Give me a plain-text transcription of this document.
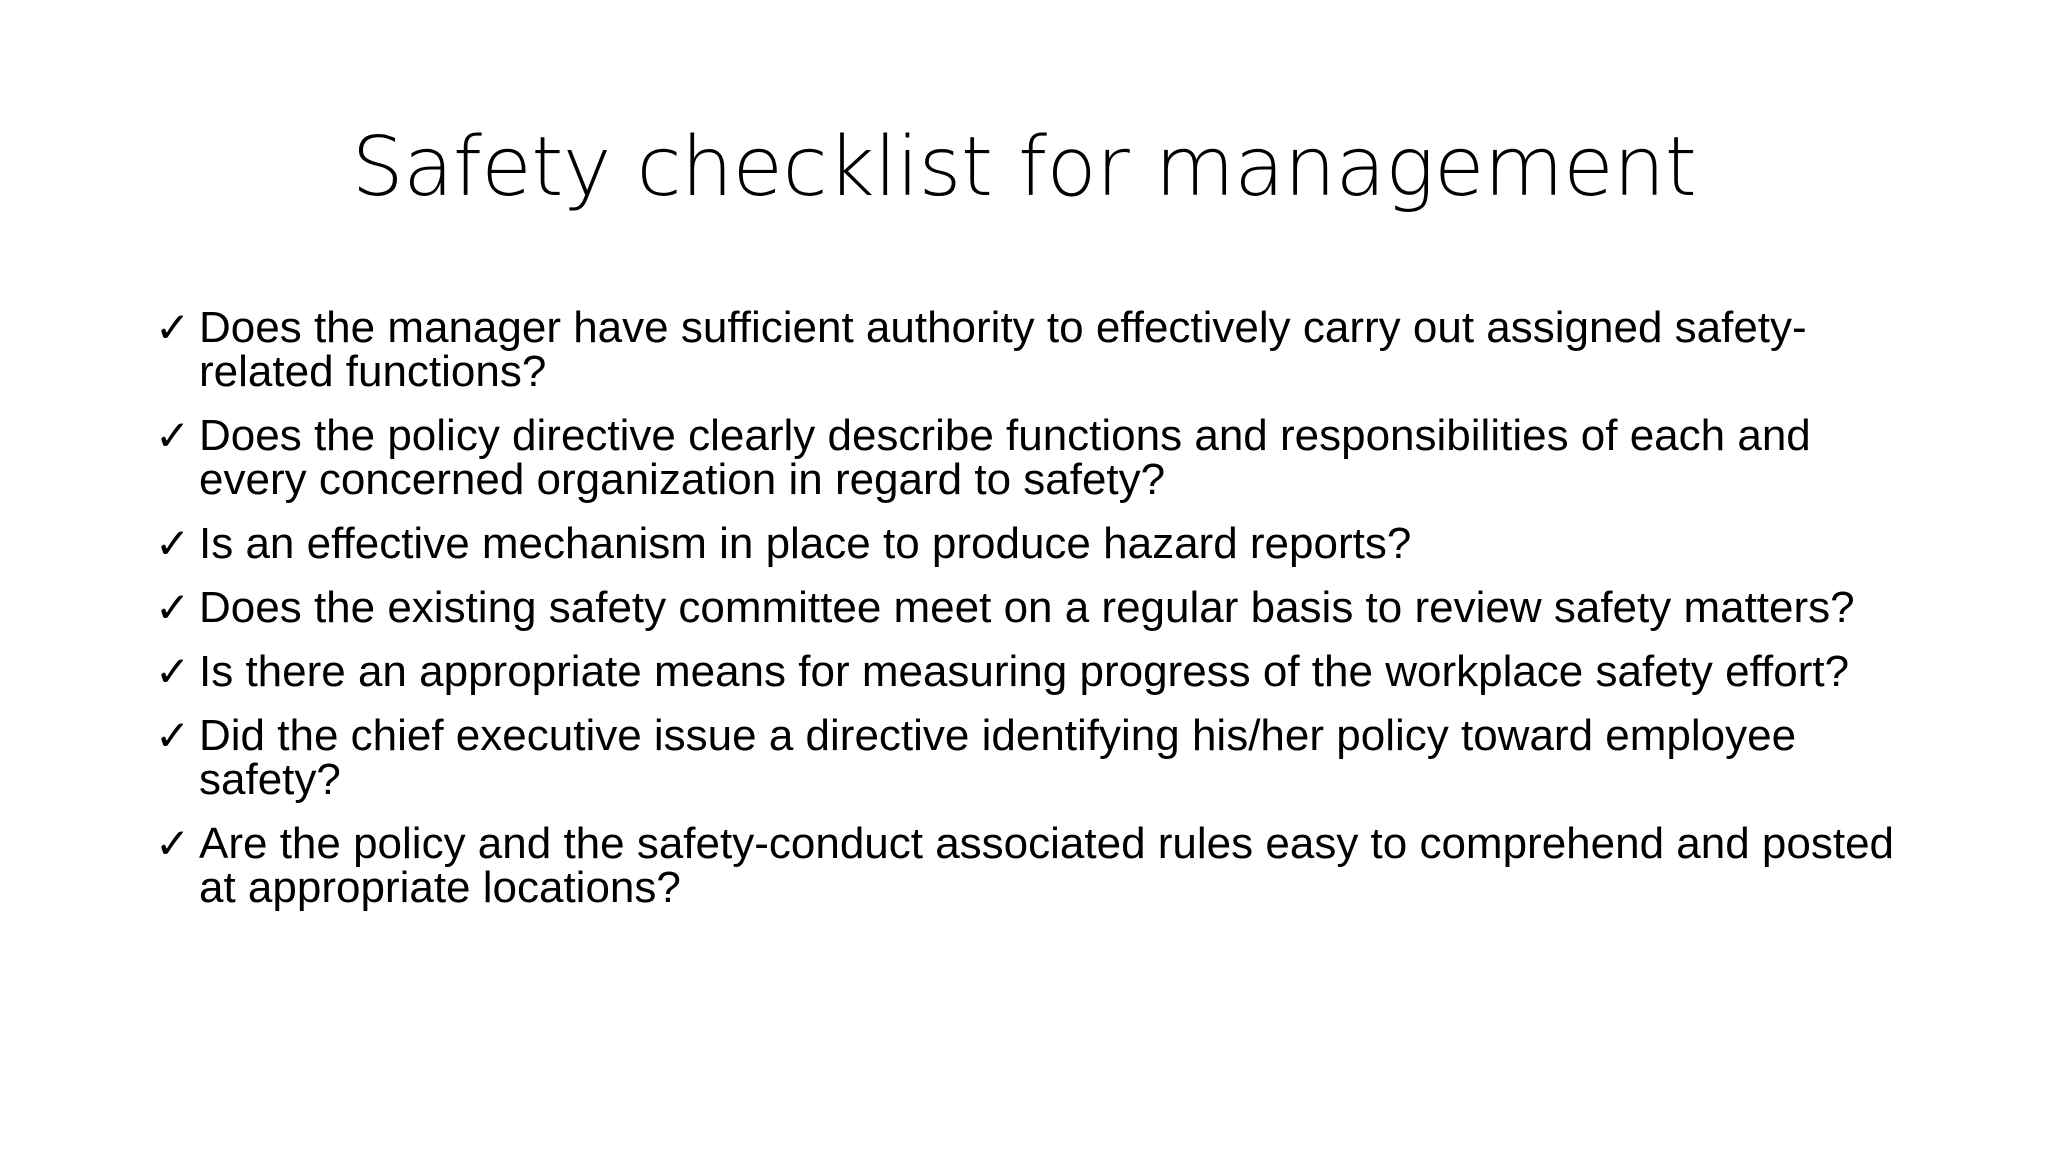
Safety checklist for management
✓ Does the manager have sufficient authority to effectively carry out assigned safety-related functions?
✓ Does the policy directive clearly describe functions and responsibilities of each and every concerned organization in regard to safety?
✓ Is an effective mechanism in place to produce hazard reports?
✓ Does the existing safety committee meet on a regular basis to review safety matters?
✓ Is there an appropriate means for measuring progress of the workplace safety effort?
✓ Did the chief executive issue a directive identifying his/her policy toward employee safety?
✓ Are the policy and the safety-conduct associated rules easy to comprehend and posted at appropriate locations?
